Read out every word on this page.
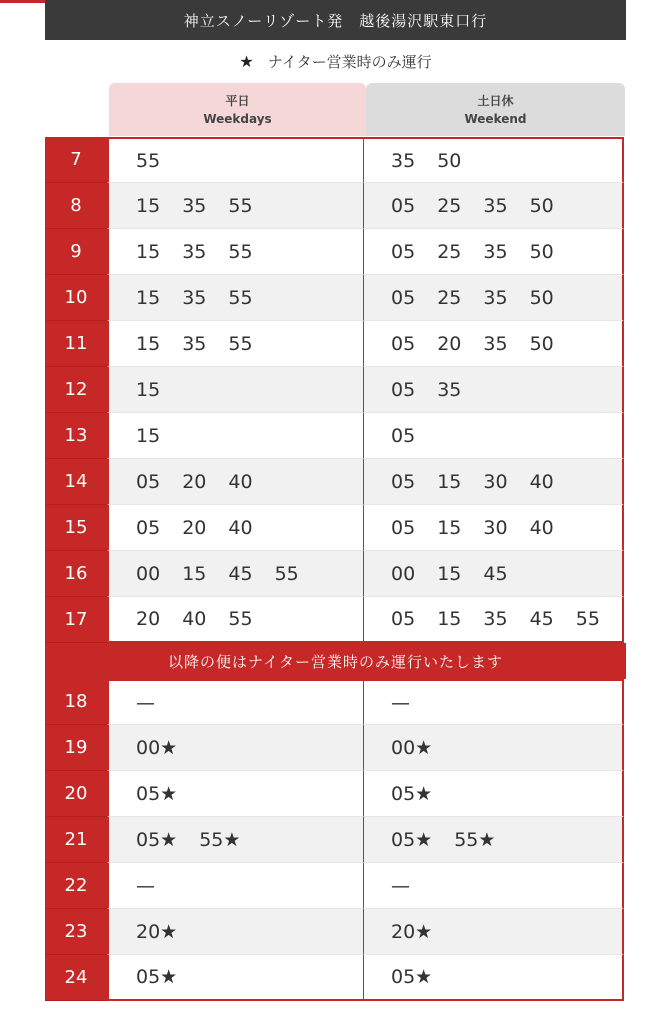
神立スノーリゾート発 越後湯沢駅東口行
★ ナイター営業時のみ運行
平日
Weekdays
土日休
Weekend
7	55	35 50
8	15 35 55	05 25 35 50
9	15 35 55	05 25 35 50
10	15 35 55	05 25 35 50
11	15 35 55	05 20 35 50
12	15	05 35
13	15	05
14	05 20 40	05 15 30 40
15	05 20 40	05 15 30 40
16	00 15 45 55	00 15 45
17	20 40 55	05 15 35 45 55
以降の便はナイター営業時のみ運行いたします
18	—	—
19	00★	00★
20	05★	05★
21	05★ 55★	05★ 55★
22	—	—
23	20★	20★
24	05★	05★
